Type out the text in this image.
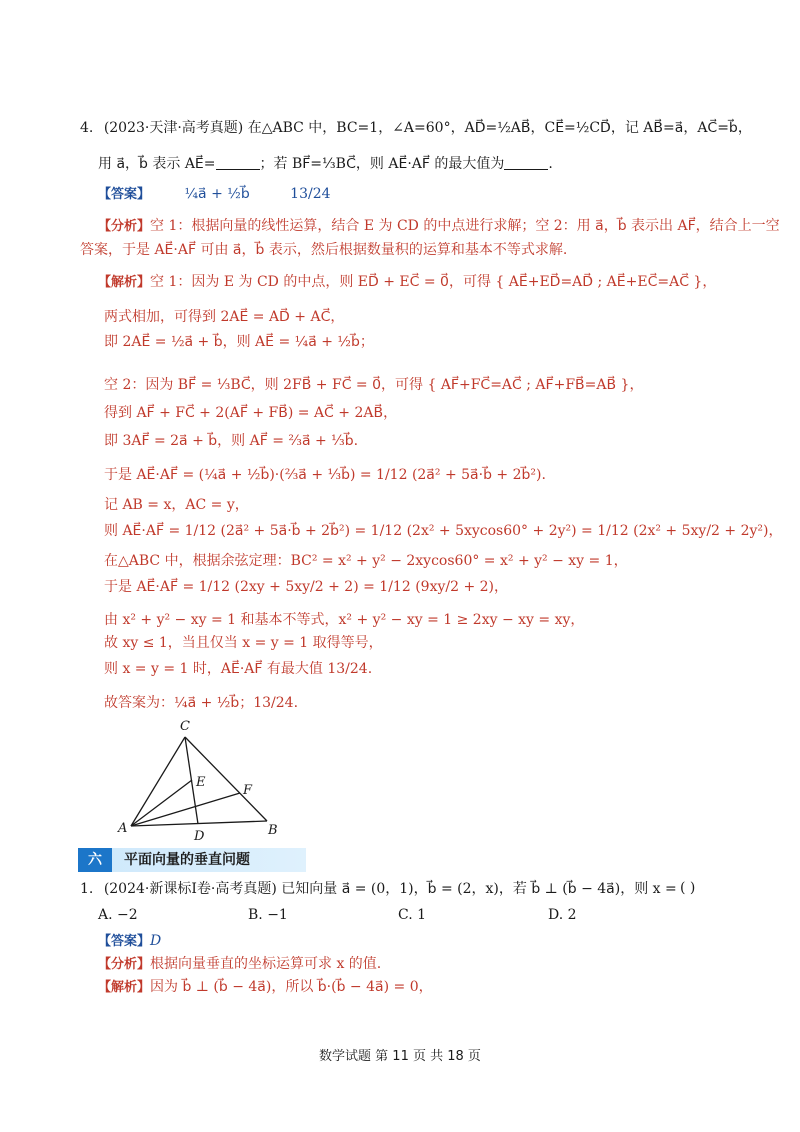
4. (2023·天津·高考真题) 在△ABC 中，BC=1，∠A=60°，AD⃗=½AB⃗，CE⃗=½CD⃗，记 AB⃗=a⃗，AC⃗=b⃗，
用 a⃗，b⃗ 表示 AE⃗=	；若 BF⃗=⅓BC⃗，则 AE⃗·AF⃗ 的最大值为	.
【答案】 ¼a⃗ + ½b⃗	13/24
【分析】空 1：根据向量的线性运算，结合 E 为 CD 的中点进行求解；空 2：用 a⃗，b⃗ 表示出 AF⃗，结合上一空
答案，于是 AE⃗·AF⃗ 可由 a⃗，b⃗ 表示，然后根据数量积的运算和基本不等式求解.
【解析】空 1：因为 E 为 CD 的中点，则 ED⃗ + EC⃗ = 0⃗，可得 { AE⃗+ED⃗=AD⃗ ; AE⃗+EC⃗=AC⃗ }，
两式相加，可得到 2AE⃗ = AD⃗ + AC⃗，
即 2AE⃗ = ½a⃗ + b⃗，则 AE⃗ = ¼a⃗ + ½b⃗；
空 2：因为 BF⃗ = ⅓BC⃗，则 2FB⃗ + FC⃗ = 0⃗，可得 { AF⃗+FC⃗=AC⃗ ; AF⃗+FB⃗=AB⃗ }，
得到 AF⃗ + FC⃗ + 2(AF⃗ + FB⃗) = AC⃗ + 2AB⃗，
即 3AF⃗ = 2a⃗ + b⃗，则 AF⃗ = ⅔a⃗ + ⅓b⃗.
于是 AE⃗·AF⃗ = (¼a⃗ + ½b⃗)·(⅔a⃗ + ⅓b⃗) = 1/12 (2a⃗² + 5a⃗·b⃗ + 2b⃗²).
记 AB = x，AC = y，
则 AE⃗·AF⃗ = 1/12 (2a⃗² + 5a⃗·b⃗ + 2b⃗²) = 1/12 (2x² + 5xycos60° + 2y²) = 1/12 (2x² + 5xy/2 + 2y²)，
在△ABC 中，根据余弦定理：BC² = x² + y² − 2xycos60° = x² + y² − xy = 1，
于是 AE⃗·AF⃗ = 1/12 (2xy + 5xy/2 + 2) = 1/12 (9xy/2 + 2)，
由 x² + y² − xy = 1 和基本不等式，x² + y² − xy = 1 ≥ 2xy − xy = xy，
故 xy ≤ 1，当且仅当 x = y = 1 取得等号，
则 x = y = 1 时，AE⃗·AF⃗ 有最大值 13/24.
故答案为：¼a⃗ + ½b⃗；13/24.
C
E
F
A
D	B
六	平面向量的垂直问题
1. (2024·新课标Ⅰ卷·高考真题) 已知向量 a⃗ = (0，1)，b⃗ = (2，x)，若 b⃗ ⊥ (b⃗ − 4a⃗)，则 x = ( )
A. −2	B. −1	C. 1	D. 2
【答案】D
【分析】根据向量垂直的坐标运算可求 x 的值.
【解析】因为 b⃗ ⊥ (b⃗ − 4a⃗)，所以 b⃗·(b⃗ − 4a⃗) = 0，
数学试题 第 11 页 共 18 页
